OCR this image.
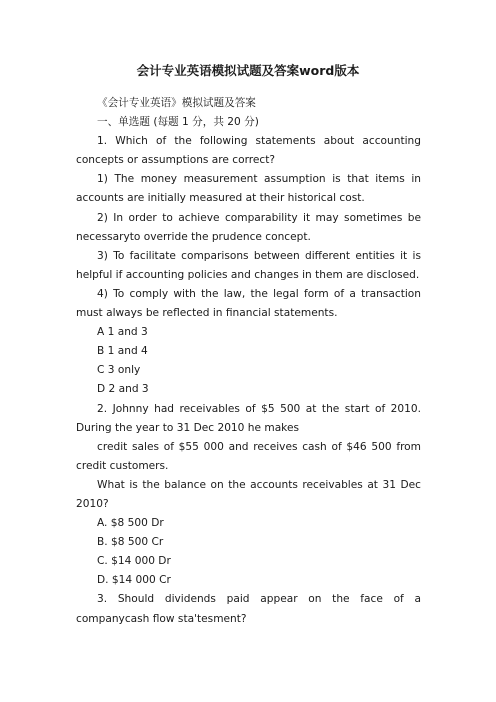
会计专业英语模拟试题及答案word版本

《会计专业英语》模拟试题及答案

一、单选题 (每题 1 分，共 20 分)

1. Which of the following statements about accounting concepts or assumptions are correct?

1) The money measurement assumption is that items in accounts are initially measured at their historical cost.

2) In order to achieve comparability it may sometimes be necessaryto override the prudence concept.

3) To facilitate comparisons between different entities it is helpful if accounting policies and changes in them are disclosed.

4) To comply with the law, the legal form of a transaction must always be reflected in financial statements.

A 1 and 3

B 1 and 4

C 3 only

D 2 and 3

2. Johnny had receivables of $5 500 at the start of 2010. During the year to 31 Dec 2010 he makes

credit sales of $55 000 and receives cash of $46 500 from credit customers.

What is the balance on the accounts receivables at 31 Dec 2010?

A. $8 500 Dr

B. $8 500 Cr

C. $14 000 Dr

D. $14 000 Cr

3. Should dividends paid appear on the face of a companycash flow sta'tesment?
